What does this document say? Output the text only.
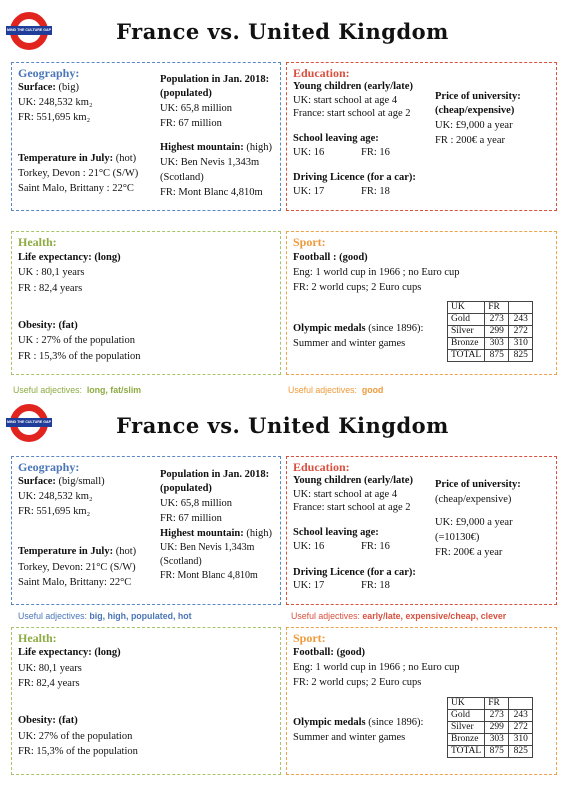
MIND THE CULTURE GAP	France vs. United Kingdom
Geography:
Surface: (big)
UK: 248,532 km₂
FR: 551,695 km₂
Temperature in July: (hot)
Torkey, Devon : 21°C (S/W)
Saint Malo, Brittany : 22°C
Population in Jan. 2018:
(populated)
UK: 65,8 million
FR: 67 million
Highest mountain: (high)
UK: Ben Nevis 1,343m
(Scotland)
FR: Mont Blanc 4,810m
Education:
Young children (early/late)
UK: start school at age 4
France: start school at age 2
Price of university:
(cheap/expensive)
UK: £9,000 a year
FR : 200€ a year
School leaving age:
UK: 16	FR: 16
Driving Licence (for a car):
UK: 17	FR: 18
Health:
Life expectancy: (long)
UK : 80,1 years
FR : 82,4 years
Obesity: (fat)
UK : 27% of the population
FR : 15,3% of the population
Sport:
Football : (good)
Eng: 1 world cup in 1966 ; no Euro cup
FR: 2 world cups; 2 Euro cups
Olympic medals (since 1896):
Summer and winter games
UK	FR	
Gold	273	243
Silver	299	272
Bronze	303	310
TOTAL	875	825
Useful adjectives: long, fat/slim	Useful adjectives: good
MIND THE CULTURE GAP	France vs. United Kingdom
Geography:
Surface: (big/small)
UK: 248,532 km₂
FR: 551,695 km₂
Temperature in July: (hot)
Torkey, Devon: 21°C (S/W)
Saint Malo, Brittany: 22°C
Population in Jan. 2018:
(populated)
UK: 65,8 million
FR: 67 million
Highest mountain: (high)
UK: Ben Nevis 1,343m
(Scotland)
FR: Mont Blanc 4,810m
Education:
Young children (early/late)
UK: start school at age 4
France: start school at age 2
Price of university:
(cheap/expensive)
UK: £9,000 a year
(=10130€)
FR: 200€ a year
School leaving age:
UK: 16	FR: 16
Driving Licence (for a car):
UK: 17	FR: 18
Useful adjectives: big, high, populated, hot	Useful adjectives: early/late, expensive/cheap, clever
Health:
Life expectancy: (long)
UK: 80,1 years
FR: 82,4 years
Obesity: (fat)
UK: 27% of the population
FR: 15,3% of the population
Sport:
Football: (good)
Eng: 1 world cup in 1966 ; no Euro cup
FR: 2 world cups; 2 Euro cups
Olympic medals (since 1896):
Summer and winter games
UK	FR	
Gold	273	243
Silver	299	272
Bronze	303	310
TOTAL	875	825
